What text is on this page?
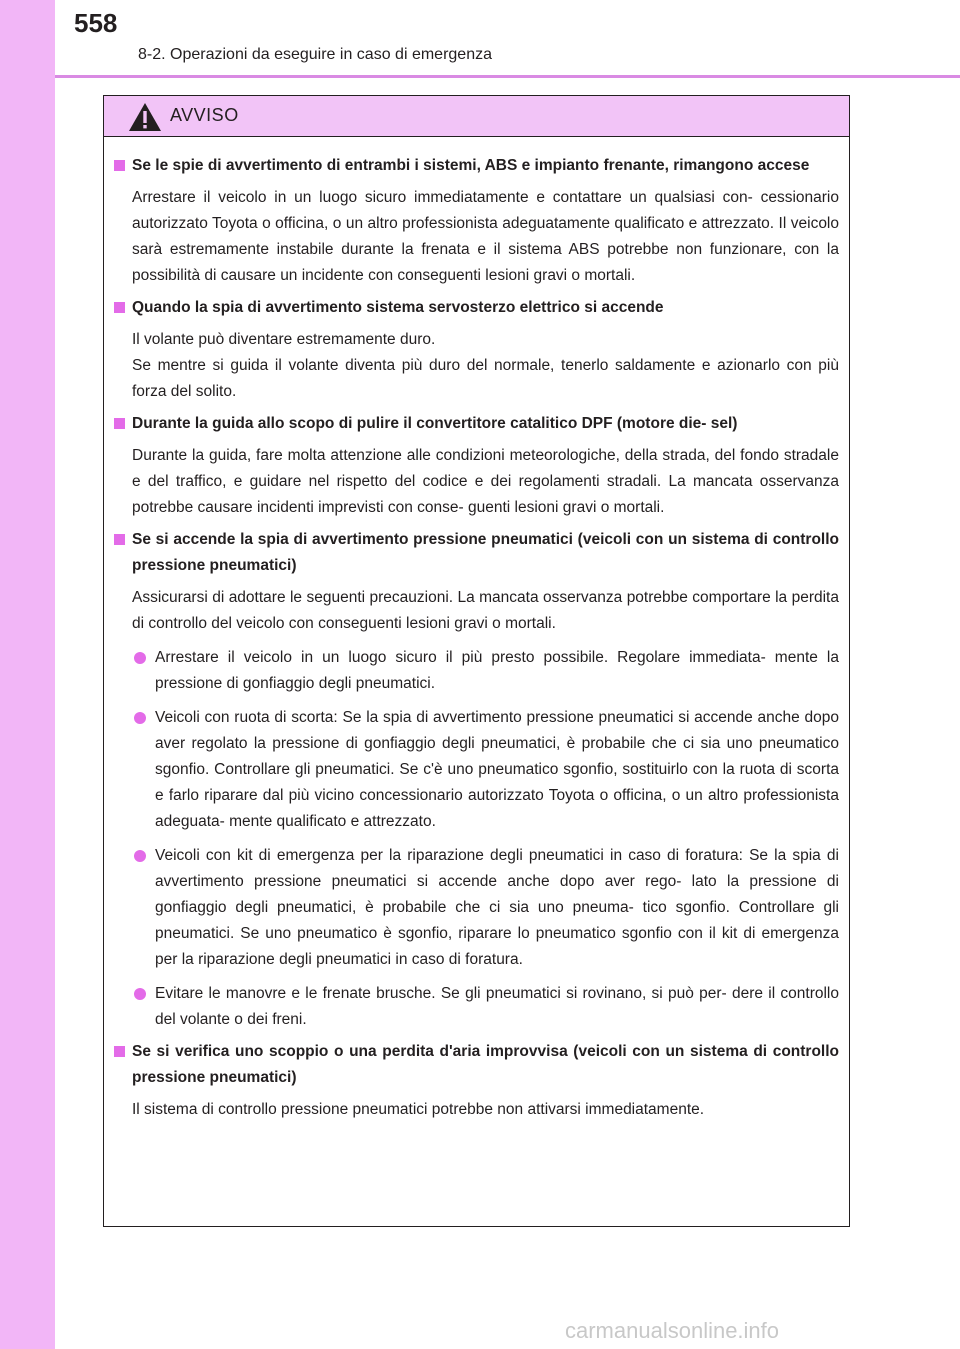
558
8-2. Operazioni da eseguire in caso di emergenza
AVVISO
Se le spie di avvertimento di entrambi i sistemi, ABS e impianto frenante, rimangono accese
Arrestare il veicolo in un luogo sicuro immediatamente e contattare un qualsiasi con- cessionario autorizzato Toyota o officina, o un altro professionista adeguatamente qualificato e attrezzato. Il veicolo sarà estremamente instabile durante la frenata e il sistema ABS potrebbe non funzionare, con la possibilità di causare un incidente con conseguenti lesioni gravi o mortali.
Quando la spia di avvertimento sistema servosterzo elettrico si accende
Il volante può diventare estremamente duro.
Se mentre si guida il volante diventa più duro del normale, tenerlo saldamente e azionarlo con più forza del solito.
Durante la guida allo scopo di pulire il convertitore catalitico DPF (motore die- sel)
Durante la guida, fare molta attenzione alle condizioni meteorologiche, della strada, del fondo stradale e del traffico, e guidare nel rispetto del codice e dei regolamenti stradali. La mancata osservanza potrebbe causare incidenti imprevisti con conse- guenti lesioni gravi o mortali.
Se si accende la spia di avvertimento pressione pneumatici (veicoli con un sistema di controllo pressione pneumatici)
Assicurarsi di adottare le seguenti precauzioni. La mancata osservanza potrebbe comportare la perdita di controllo del veicolo con conseguenti lesioni gravi o mortali.
Arrestare il veicolo in un luogo sicuro il più presto possibile. Regolare immediata- mente la pressione di gonfiaggio degli pneumatici.
Veicoli con ruota di scorta: Se la spia di avvertimento pressione pneumatici si accende anche dopo aver regolato la pressione di gonfiaggio degli pneumatici, è probabile che ci sia uno pneumatico sgonfio. Controllare gli pneumatici. Se c'è uno pneumatico sgonfio, sostituirlo con la ruota di scorta e farlo riparare dal più vicino concessionario autorizzato Toyota o officina, o un altro professionista adeguata- mente qualificato e attrezzato.
Veicoli con kit di emergenza per la riparazione degli pneumatici in caso di foratura: Se la spia di avvertimento pressione pneumatici si accende anche dopo aver rego- lato la pressione di gonfiaggio degli pneumatici, è probabile che ci sia uno pneuma- tico sgonfio. Controllare gli pneumatici. Se uno pneumatico è sgonfio, riparare lo pneumatico sgonfio con il kit di emergenza per la riparazione degli pneumatici in caso di foratura.
Evitare le manovre e le frenate brusche. Se gli pneumatici si rovinano, si può per- dere il controllo del volante o dei freni.
Se si verifica uno scoppio o una perdita d'aria improvvisa (veicoli con un sistema di controllo pressione pneumatici)
Il sistema di controllo pressione pneumatici potrebbe non attivarsi immediatamente.
carmanualsonline.info
